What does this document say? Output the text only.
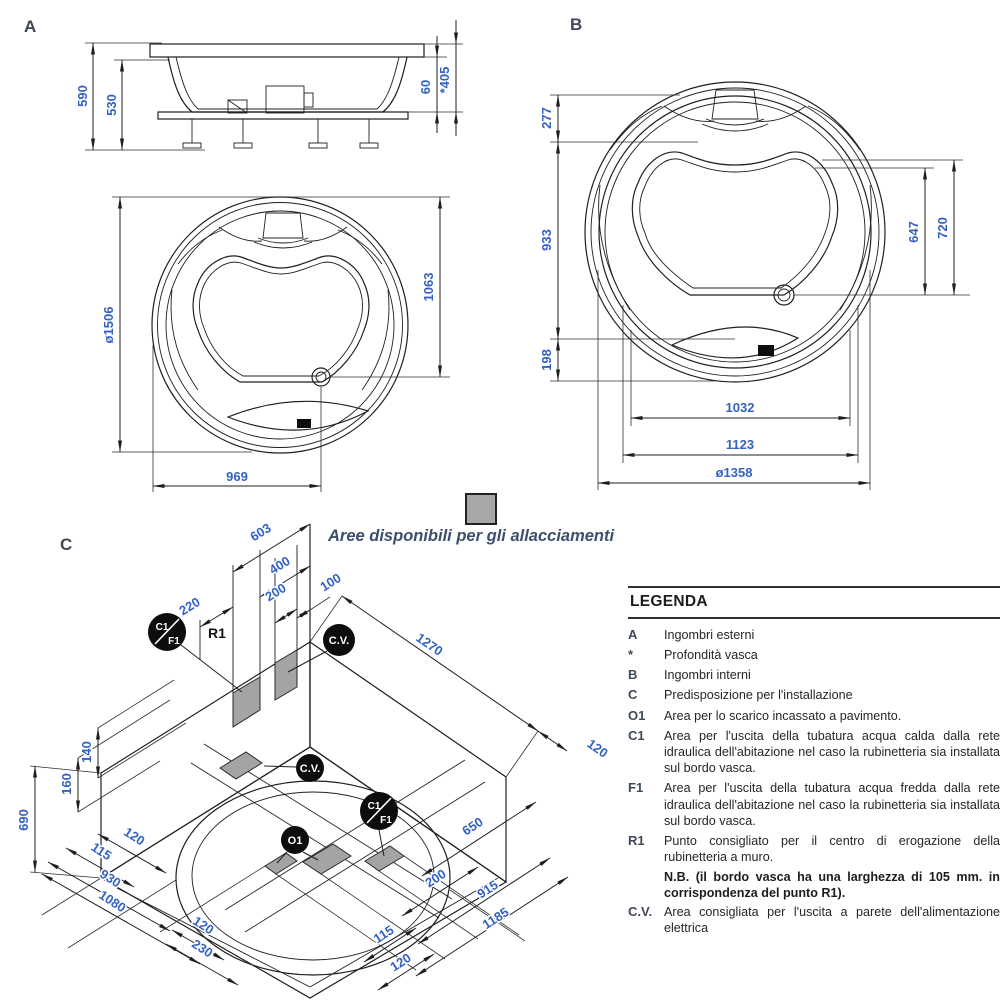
A
590 530
60 *405
ø1506
1063
969
B
277
933
198
647 720
1032
1123
ø1358
Aree disponibili per gli allacciamenti
C
C1
F1
R1	C.V.
C.V.
O1
C1
F1
603
400
220
200 100
1270
120
690
140
160
120
115
930
1080
120
230
650
200 915
1185
115
120
LEGENDA
A	Ingombri esterni
*	Profondità vasca
B	Ingombri interni
C	Predisposizione per l'installazione
O1	Area per lo scarico incassato a pavimento.
C1	Area per l'uscita della tubatura acqua calda dalla rete idraulica dell'abitazione nel caso la rubinetteria sia installata sul bordo vasca.
F1	Area per l'uscita della tubatura acqua fredda dalla rete idraulica dell'abitazione nel caso la rubinetteria sia installata sul bordo vasca.
R1	Punto consigliato per il centro di erogazione della rubinetteria a muro.
N.B. (il bordo vasca ha una larghezza di 105 mm. in corrispondenza del punto R1).
C.V. Area consigliata per l'uscita a parete dell'alimentazione elettrica
